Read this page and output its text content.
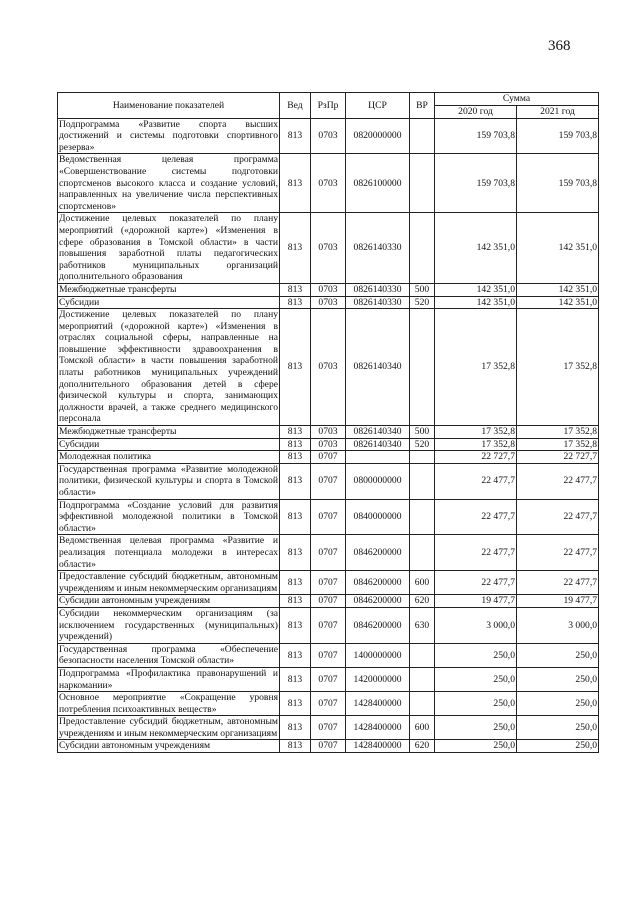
368
Наименование показателей	Вед	РзПр	ЦСР	ВР	Сумма	
					2020 год	2021 год
Подпрограмма «Развитие спорта высших достижений и системы подготовки спортивного резерва»	813	0703	0820000000		159 703,8	159 703,8
Ведомственная целевая программа «Совершенствование системы подготовки спортсменов высокого класса и создание условий, направленных на увеличение числа перспективных спортсменов»	813	0703	0826100000		159 703,8	159 703,8
Достижение целевых показателей по плану мероприятий («дорожной карте») «Изменения в сфере образования в Томской области» в части повышения заработной платы педагогических работников муниципальных организаций дополнительного образования	813	0703	0826140330		142 351,0	142 351,0
Межбюджетные трансферты	813	0703	0826140330	500	142 351,0	142 351,0
Субсидии	813	0703	0826140330	520	142 351,0	142 351,0
Достижение целевых показателей по плану мероприятий («дорожной карте») «Изменения в отраслях социальной сферы, направленные на повышение эффективности здравоохранения в Томской области» в части повышения заработной платы работников муниципальных учреждений дополнительного образования детей в сфере физической культуры и спорта, занимающих должности врачей, а также среднего медицинского персонала	813	0703	0826140340		17 352,8	17 352,8
Межбюджетные трансферты	813	0703	0826140340	500	17 352,8	17 352,8
Субсидии	813	0703	0826140340	520	17 352,8	17 352,8
Молодежная политика	813	0707			22 727,7	22 727,7
Государственная программа «Развитие молодежной политики, физической культуры и спорта в Томской области»	813	0707	0800000000		22 477,7	22 477,7
Подпрограмма «Создание условий для развития эффективной молодежной политики в Томской области»	813	0707	0840000000		22 477,7	22 477,7
Ведомственная целевая программа «Развитие и реализация потенциала молодежи в интересах области»	813	0707	0846200000		22 477,7	22 477,7
Предоставление субсидий бюджетным, автономным учреждениям и иным некоммерческим организациям	813	0707	0846200000	600	22 477,7	22 477,7
Субсидии автономным учреждениям	813	0707	0846200000	620	19 477,7	19 477,7
Субсидии некоммерческим организациям (за исключением государственных (муниципальных) учреждений)	813	0707	0846200000	630	3 000,0	3 000,0
Государственная программа «Обеспечение безопасности населения Томской области»	813	0707	1400000000		250,0	250,0
Подпрограмма «Профилактика правонарушений и наркомании»	813	0707	1420000000		250,0	250,0
Основное мероприятие «Сокращение уровня потребления психоактивных веществ»	813	0707	1428400000		250,0	250,0
Предоставление субсидий бюджетным, автономным учреждениям и иным некоммерческим организациям	813	0707	1428400000	600	250,0	250,0
Субсидии автономным учреждениям	813	0707	1428400000	620	250,0	250,0
